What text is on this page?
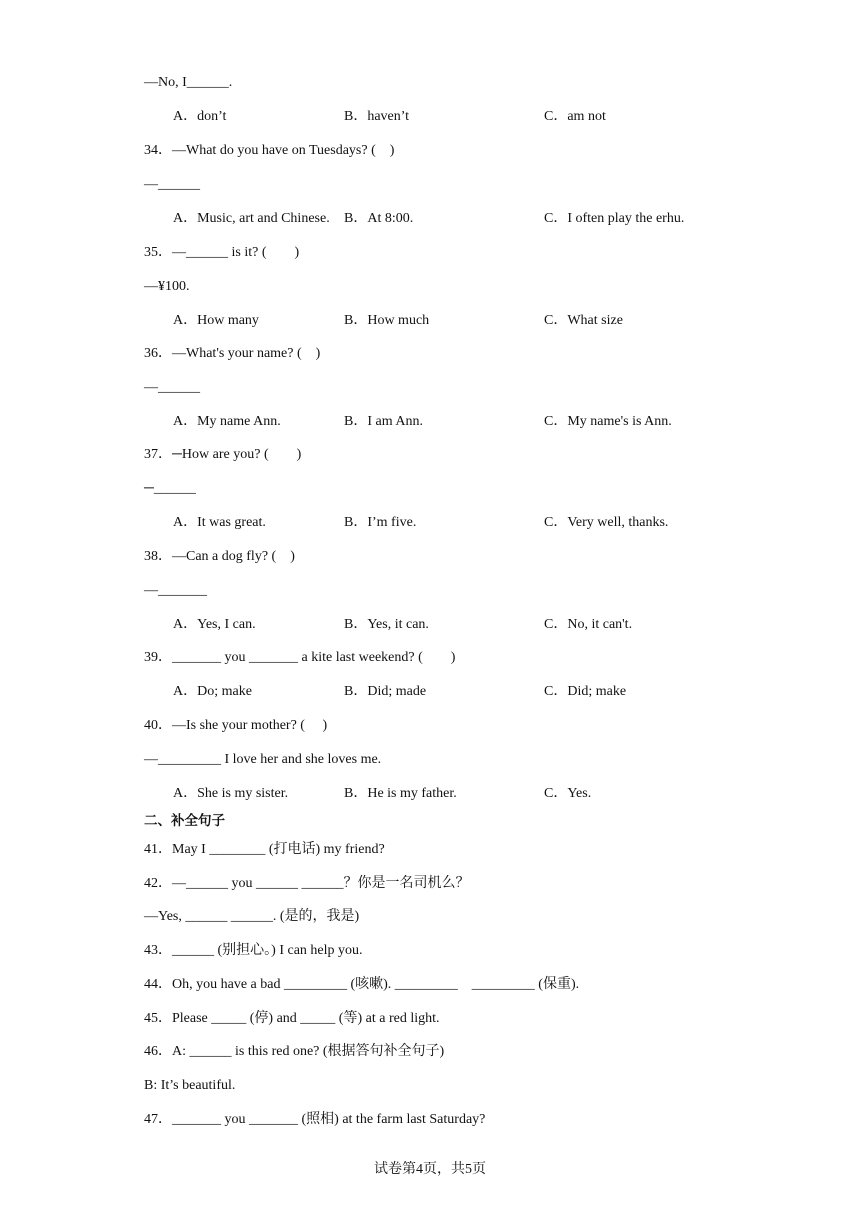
—No, I______.
A．don’t	B．haven’t	C．am not
34．—What do you have on Tuesdays? (　)
—______
A．Music, art and Chinese. B．At 8:00.	C．I often play the erhu.
35．—______ is it? (　　)
—¥100.
A．How many	B．How much	C．What size
36．—What's your name? (　)
—______
A．My name Ann.	B．I am Ann.	C．My name's is Ann.
37．─How are you? (　　)
─______
A．It was great.	B．I’m five.	C．Very well, thanks.
38．—Can a dog fly? (　)
—_______
A．Yes, I can.	B．Yes, it can.	C．No, it can't.
39．_______ you _______ a kite last weekend? (　　)
A．Do; make	B．Did; made	C．Did; make
40．—Is she your mother? (　 )
—_________ I love her and she loves me.
A．She is my sister.	B．He is my father.	C．Yes.
二、补全句子
41．May I ________ (打电话) my friend?
42．—______ you ______ ______？你是一名司机么？
—Yes, ______ ______. (是的，我是)
43．______ (别担心。) I can help you.
44．Oh, you have a bad _________ (咳嗽). _________　_________ (保重).
45．Please _____ (停) and _____ (等) at a red light.
46．A: ______ is this red one? (根据答句补全句子)
B: It’s beautiful.
47．_______ you _______ (照相) at the farm last Saturday?
试卷第4页，共5页
